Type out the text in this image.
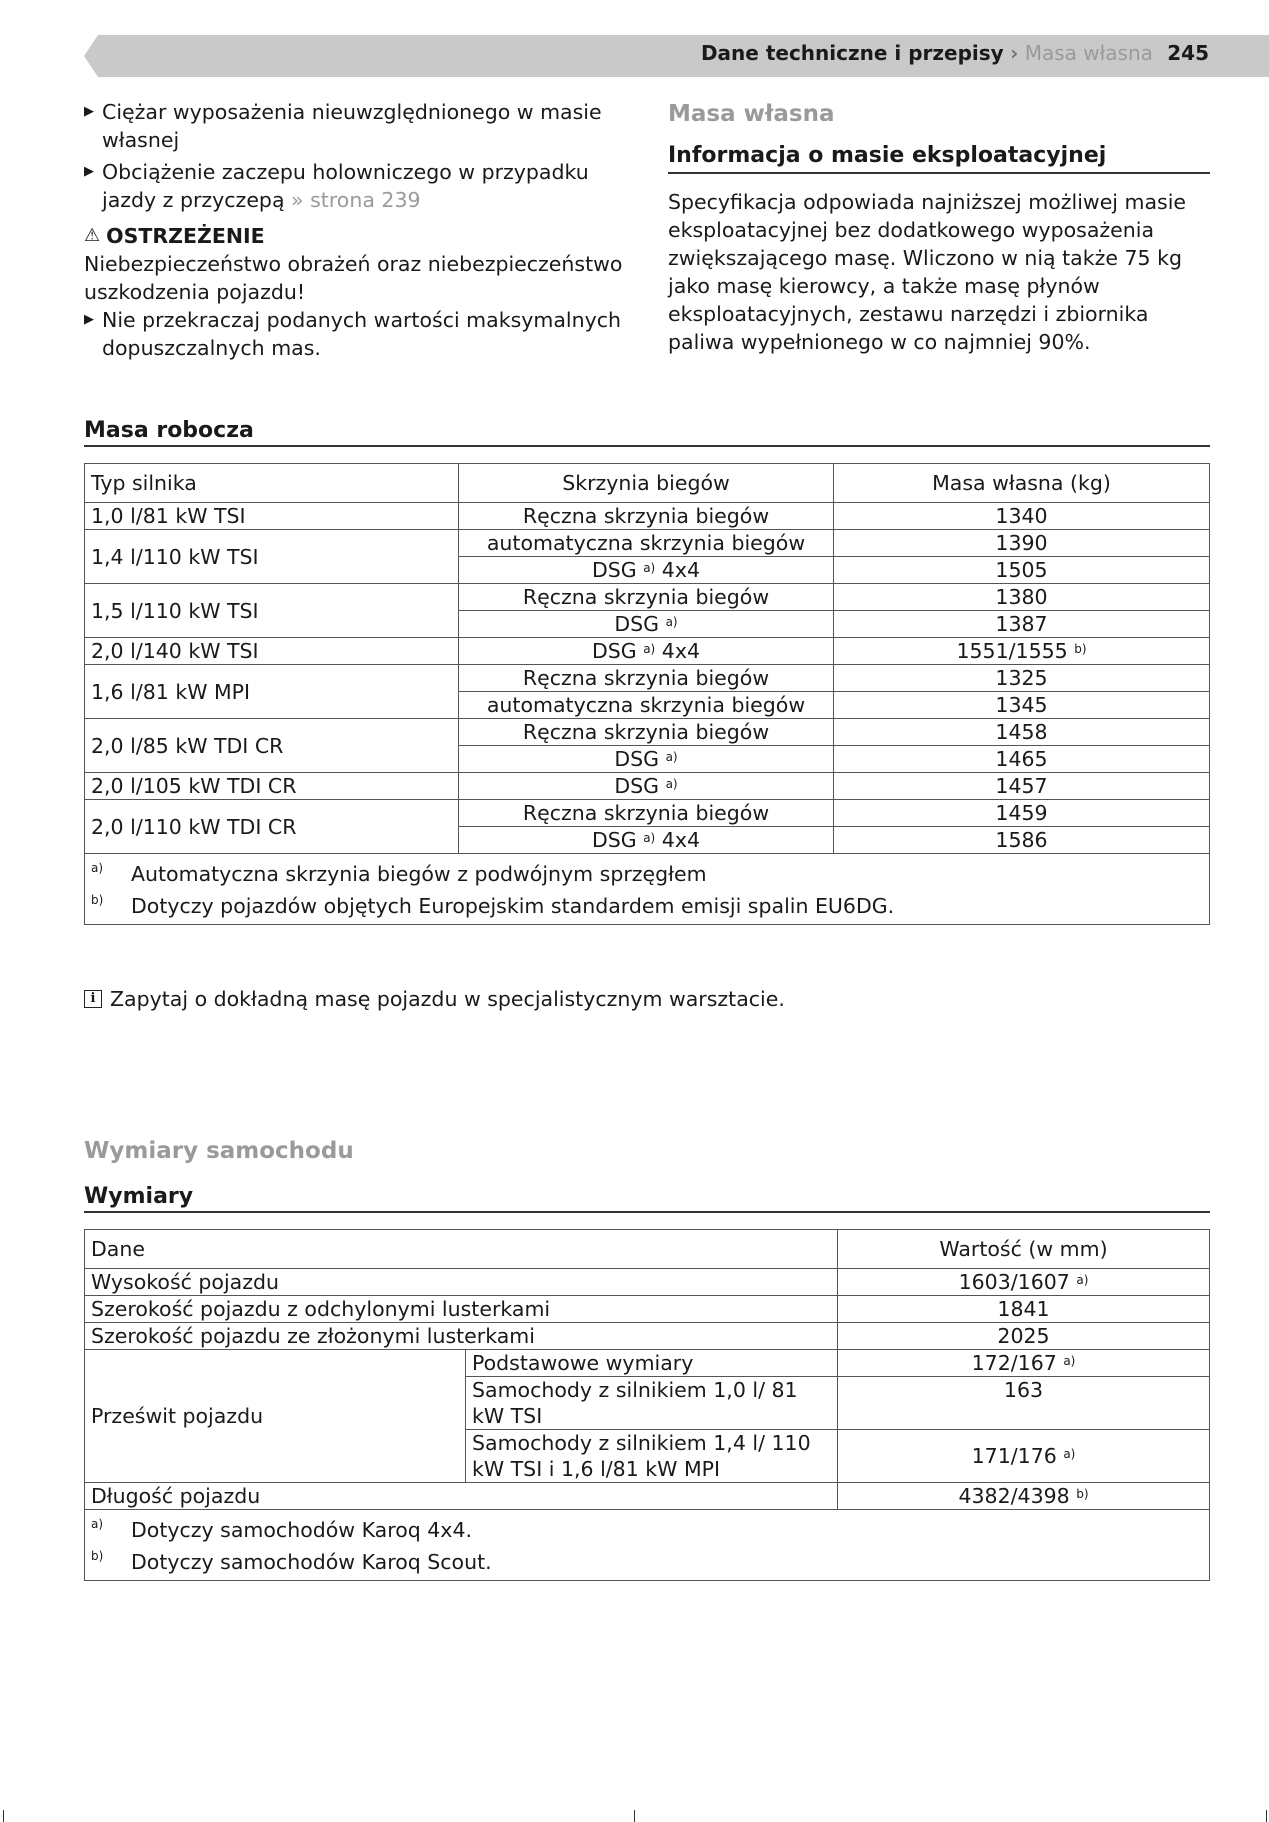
Dane techniczne i przepisy › Masa własna 245
▶ Ciężar wyposażenia nieuwzględnionego w masie własnej
▶ Obciążenie zaczepu holowniczego w przypadku jazdy z przyczepą » strona 239
⚠ OSTRZEŻENIE
Niebezpieczeństwo obrażeń oraz niebezpieczeństwo uszkodzenia pojazdu!
▶ Nie przekraczaj podanych wartości maksymalnych dopuszczalnych mas.
Masa własna
Informacja o masie eksploatacyjnej
Specyfikacja odpowiada najniższej możliwej masie eksploatacyjnej bez dodatkowego wyposażenia zwiększającego masę. Wliczono w nią także 75 kg jako masę kierowcy, a także masę płynów eksploatacyjnych, zestawu narzędzi i zbiornika paliwa wypełnionego w co najmniej 90%.
Masa robocza
Typ silnika	Skrzynia biegów	Masa własna (kg)
1,0 l/81 kW TSI	Ręczna skrzynia biegów	1340
1,4 l/110 kW TSI	automatyczna skrzynia biegów	1390
	DSG $^{a)}$ 4x4	1505
1,5 l/110 kW TSI	Ręczna skrzynia biegów	1380
	DSG $^{a)}$	1387
2,0 l/140 kW TSI	DSG $^{a)}$ 4x4	1551/1555 $^{b)}$
1,6 l/81 kW MPI	Ręczna skrzynia biegów	1325
	automatyczna skrzynia biegów	1345
2,0 l/85 kW TDI CR	Ręczna skrzynia biegów	1458
	DSG $^{a)}$	1465
2,0 l/105 kW TDI CR	DSG $^{a)}$	1457
2,0 l/110 kW TDI CR	Ręczna skrzynia biegów	1459
	DSG $^{a)}$ 4x4	1586

a) Automatyczna skrzynia biegów z podwójnym sprzęgłem
b) Dotyczy pojazdów objętych Europejskim standardem emisji spalin EU6DG.		
i Zapytaj o dokładną masę pojazdu w specjalistycznym warsztacie.
Wymiary samochodu
Wymiary
Dane		Wartość (w mm)
Wysokość pojazdu		1603/1607 $^{a)}$
Szerokość pojazdu z odchylonymi lusterkami		1841
Szerokość pojazdu ze złożonymi lusterkami		2025
Prześwit pojazdu	Podstawowe wymiary	172/167 $^{a)}$
	Samochody z silnikiem 1,0 l/ 81 kW TSI	163
	Samochody z silnikiem 1,4 l/ 110 kW TSI i 1,6 l/81 kW MPI	171/176 $^{a)}$
Długość pojazdu		4382/4398 $^{b)}$

a) Dotyczy samochodów Karoq 4x4.
b) Dotyczy samochodów Karoq Scout.		
